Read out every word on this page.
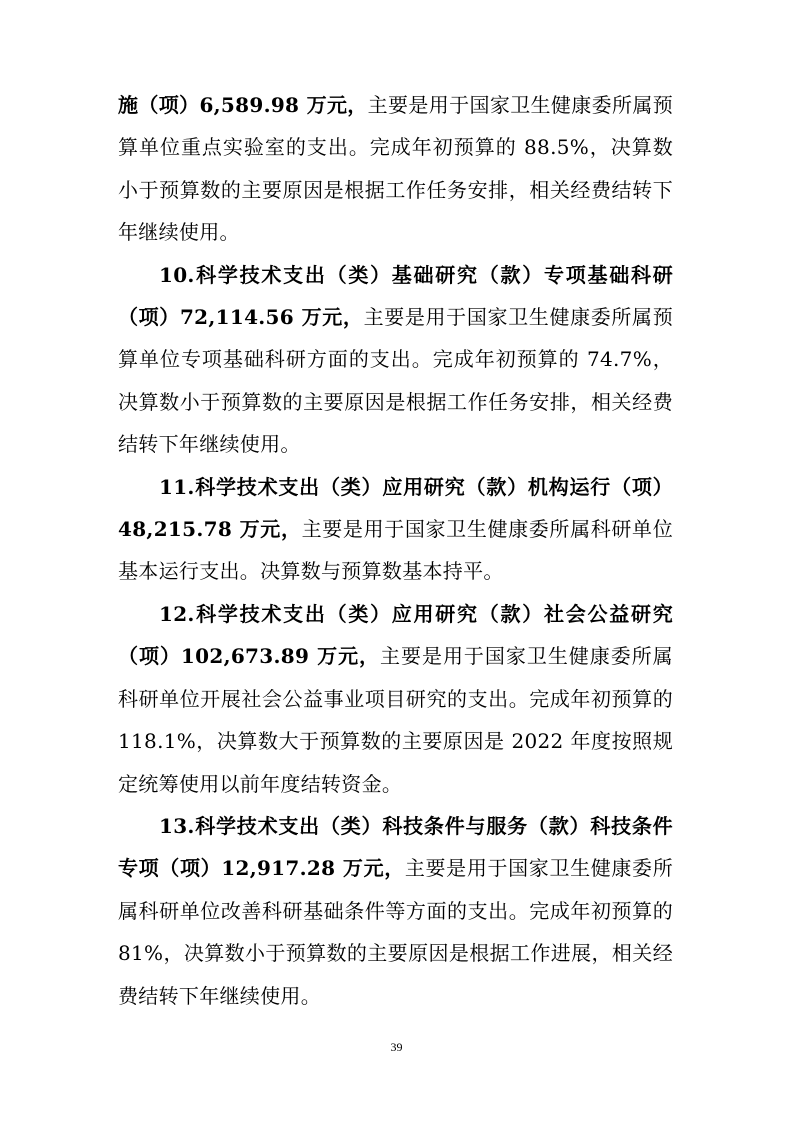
施（项）6,589.98 万元，主要是用于国家卫生健康委所属预算单位重点实验室的支出。完成年初预算的 88.5%，决算数小于预算数的主要原因是根据工作任务安排，相关经费结转下年继续使用。

10.科学技术支出（类）基础研究（款）专项基础科研（项）72,114.56 万元，主要是用于国家卫生健康委所属预算单位专项基础科研方面的支出。完成年初预算的 74.7%，决算数小于预算数的主要原因是根据工作任务安排，相关经费结转下年继续使用。

11.科学技术支出（类）应用研究（款）机构运行（项）48,215.78 万元，主要是用于国家卫生健康委所属科研单位基本运行支出。决算数与预算数基本持平。

12.科学技术支出（类）应用研究（款）社会公益研究（项）102,673.89 万元，主要是用于国家卫生健康委所属科研单位开展社会公益事业项目研究的支出。完成年初预算的118.1%，决算数大于预算数的主要原因是 2022 年度按照规定统筹使用以前年度结转资金。

13.科学技术支出（类）科技条件与服务（款）科技条件专项（项）12,917.28 万元，主要是用于国家卫生健康委所属科研单位改善科研基础条件等方面的支出。完成年初预算的81%，决算数小于预算数的主要原因是根据工作进展，相关经费结转下年继续使用。

39
